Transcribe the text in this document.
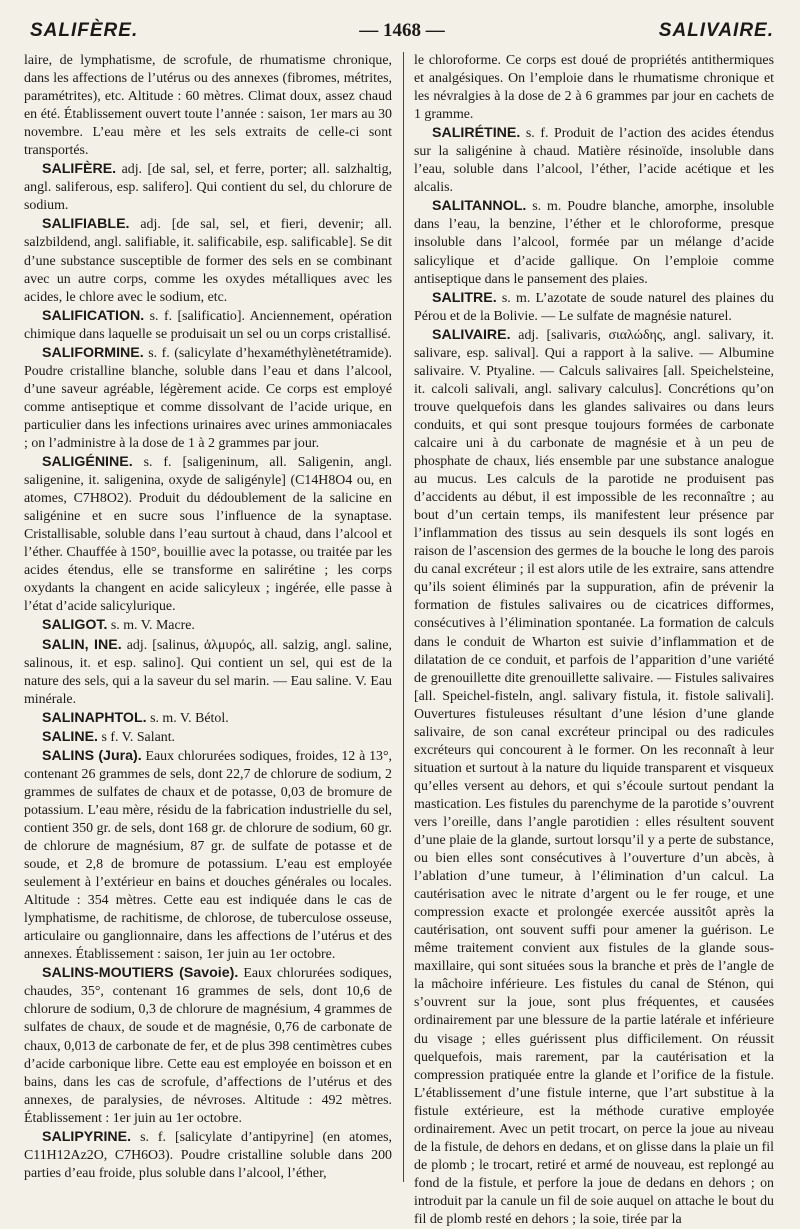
SALIFÈRE.	— 1468 —	SALIVAIRE.

laire, de lymphatisme, de scrofule, de rhumatisme chronique, dans les affections de l’utérus ou des annexes (fibromes, métrites, paramétrites), etc. Altitude : 60 mètres. Climat doux, assez chaud en été. Établissement ouvert toute l’année : saison, 1er mars au 30 novembre. L’eau mère et les sels extraits de celle-ci sont transportés.

SALIFÈRE. adj. [de sal, sel, et ferre, porter; all. salzhaltig, angl. saliferous, esp. salifero]. Qui contient du sel, du chlorure de sodium.

SALIFIABLE. adj. [de sal, sel, et fieri, devenir; all. salzbildend, angl. salifiable, it. salificabile, esp. salificable]. Se dit d’une substance susceptible de former des sels en se combinant avec un autre corps, comme les oxydes métalliques avec les acides, le chlore avec le sodium, etc.

SALIFICATION. s. f. [salificatio]. Anciennement, opération chimique dans laquelle se produisait un sel ou un corps cristallisé.

SALIFORMINE. s. f. (salicylate d’hexaméthylènetétramide). Poudre cristalline blanche, soluble dans l’eau et dans l’alcool, d’une saveur agréable, légèrement acide. Ce corps est employé comme antiseptique et comme dissolvant de l’acide urique, en particulier dans les infections urinaires avec urines ammoniacales ; on l’administre à la dose de 1 à 2 grammes par jour.

SALIGÉNINE. s. f. [saligeninum, all. Saligenin, angl. saligenine, it. saligenina, oxyde de saligényle] (C14H8O4 ou, en atomes, C7H8O2). Produit du dédoublement de la salicine en saligénine et en sucre sous l’influence de la synaptase. Cristallisable, soluble dans l’eau surtout à chaud, dans l’alcool et l’éther. Chauffée à 150°, bouillie avec la potasse, ou traitée par les acides étendus, elle se transforme en salirétine ; les corps oxydants la changent en acide salicyleux ; ingérée, elle passe à l’état d’acide salicylurique.

SALIGOT. s. m. V. Macre.

SALIN, INE. adj. [salinus, ἁλμυρός, all. salzig, angl. saline, salinous, it. et esp. salino]. Qui contient un sel, qui est de la nature des sels, qui a la saveur du sel marin. — Eau saline. V. Eau minérale.

SALINAPHTOL. s. m. V. Bétol.

SALINE. s f. V. Salant.

SALINS (Jura). Eaux chlorurées sodiques, froides, 12 à 13°, contenant 26 grammes de sels, dont 22,7 de chlorure de sodium, 2 grammes de sulfates de chaux et de potasse, 0,03 de bromure de potassium. L’eau mère, résidu de la fabrication industrielle du sel, contient 350 gr. de sels, dont 168 gr. de chlorure de sodium, 60 gr. de chlorure de magnésium, 87 gr. de sulfate de potasse et de soude, et 2,8 de bromure de potassium. L’eau est employée seulement à l’extérieur en bains et douches générales ou locales. Altitude : 354 mètres. Cette eau est indiquée dans le cas de lymphatisme, de rachitisme, de chlorose, de tuberculose osseuse, articulaire ou ganglionnaire, dans les affections de l’utérus et des annexes. Établissement : saison, 1er juin au 1er octobre.

SALINS-MOUTIERS (Savoie). Eaux chlorurées sodiques, chaudes, 35°, contenant 16 grammes de sels, dont 10,6 de chlorure de sodium, 0,3 de chlorure de magnésium, 4 grammes de sulfates de chaux, de soude et de magnésie, 0,76 de carbonate de chaux, 0,013 de carbonate de fer, et de plus 398 centimètres cubes d’acide carbonique libre. Cette eau est employée en boisson et en bains, dans les cas de scrofule, d’affections de l’utérus et des annexes, de paralysies, de névroses. Altitude : 492 mètres. Établissement : 1er juin au 1er octobre.

SALIPYRINE. s. f. [salicylate d’antipyrine] (en atomes, C11H12Az2O, C7H6O3). Poudre cristalline soluble dans 200 parties d’eau froide, plus soluble dans l’alcool, l’éther,

le chloroforme. Ce corps est doué de propriétés antithermiques et analgésiques. On l’emploie dans le rhumatisme chronique et les névralgies à la dose de 2 à 6 grammes par jour en cachets de 1 gramme.

SALIRÉTINE. s. f. Produit de l’action des acides étendus sur la saligénine à chaud. Matière résinoïde, insoluble dans l’eau, soluble dans l’alcool, l’éther, l’acide acétique et les alcalis.

SALITANNOL. s. m. Poudre blanche, amorphe, insoluble dans l’eau, la benzine, l’éther et le chloroforme, presque insoluble dans l’alcool, formée par un mélange d’acide salicylique et d’acide gallique. On l’emploie comme antiseptique dans le pansement des plaies.

SALITRE. s. m. L’azotate de soude naturel des plaines du Pérou et de la Bolivie. — Le sulfate de magnésie naturel.

SALIVAIRE. adj. [salivaris, σιαλώδης, angl. salivary, it. salivare, esp. salival]. Qui a rapport à la salive. — Albumine salivaire. V. Ptyaline. — Calculs salivaires [all. Speichelsteine, it. calcoli salivali, angl. salivary calculus]. Concrétions qu’on trouve quelquefois dans les glandes salivaires ou dans leurs conduits, et qui sont presque toujours formées de carbonate calcaire uni à du carbonate de magnésie et à un peu de phosphate de chaux, liés ensemble par une substance analogue au mucus. Les calculs de la parotide ne produisent pas d’accidents au début, il est impossible de les reconnaître ; au bout d’un certain temps, ils manifestent leur présence par l’inflammation des tissus au sein desquels ils sont logés en raison de l’ascension des germes de la bouche le long des parois du canal excréteur ; il est alors utile de les extraire, sans attendre qu’ils soient éliminés par la suppuration, afin de prévenir la formation de fistules salivaires ou de cicatrices difformes, consécutives à l’élimination spontanée. La formation de calculs dans le conduit de Wharton est suivie d’inflammation et de dilatation de ce conduit, et parfois de l’apparition d’une variété de grenouillette dite grenouillette salivaire. — Fistules salivaires [all. Speichel-fisteln, angl. salivary fistula, it. fistole salivali]. Ouvertures fistuleuses résultant d’une lésion d’une glande salivaire, de son canal excréteur principal ou des radicules excréteurs qui concourent à le former. On les reconnaît à leur situation et surtout à la nature du liquide transparent et visqueux qu’elles versent au dehors, et qui s’écoule surtout pendant la mastication. Les fistules du parenchyme de la parotide s’ouvrent vers l’oreille, dans l’angle parotidien : elles résultent souvent d’une plaie de la glande, surtout lorsqu’il y a perte de substance, ou bien elles sont consécutives à l’ouverture d’un abcès, à l’ablation d’une tumeur, à l’élimination d’un calcul. La cautérisation avec le nitrate d’argent ou le fer rouge, et une compression exacte et prolongée exercée aussitôt après la cautérisation, ont souvent suffi pour amener la guérison. Le même traitement convient aux fistules de la glande sous-maxillaire, qui sont situées sous la branche et près de l’angle de la mâchoire inférieure. Les fistules du canal de Sténon, qui s’ouvrent sur la joue, sont plus fréquentes, et causées ordinairement par une blessure de la partie latérale et inférieure du visage ; elles guérissent plus difficilement. On réussit quelquefois, mais rarement, par la cautérisation et la compression pratiquée entre la glande et l’orifice de la fistule. L’établissement d’une fistule interne, que l’art substitue à la fistule extérieure, est la méthode curative employée ordinairement. Avec un petit trocart, on perce la joue au niveau de la fistule, de dehors en dedans, et on glisse dans la plaie un fil de plomb ; le trocart, retiré et armé de nouveau, est replongé au fond de la fistule, et perfore la joue de dedans en dehors ; on introduit par la canule un fil de soie auquel on attache le bout du fil de plomb resté en dehors ; la soie, tirée par la
